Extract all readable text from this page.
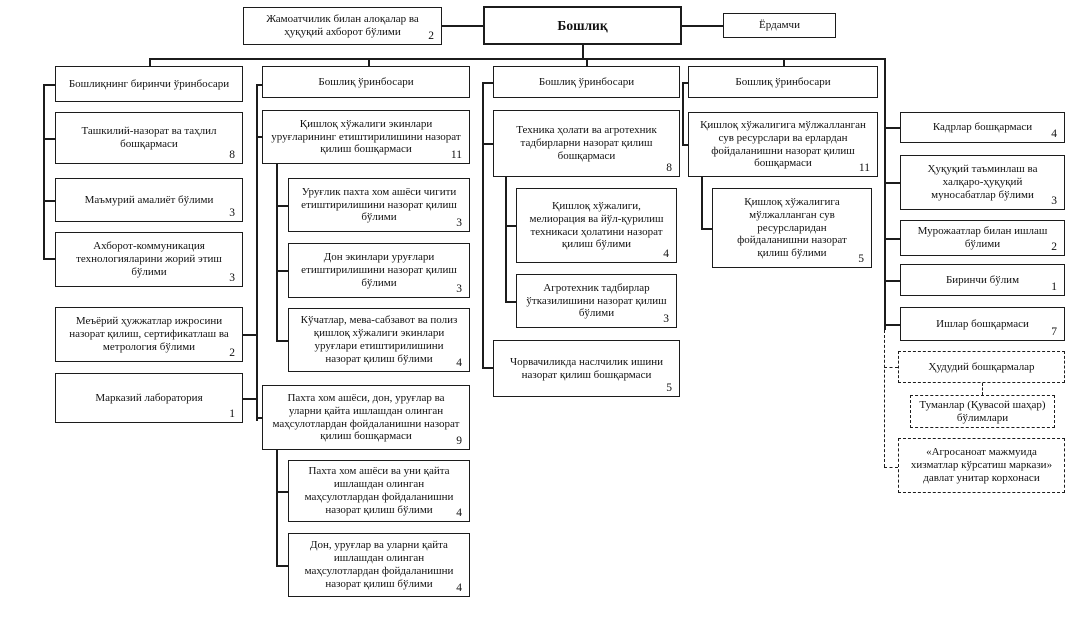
Жамоатчилик билан алоқалар ва ҳуқуқий ахборот бўлими	2
Бошлиқ	Ёрдамчи
Бошлиқнинг биринчи ўринбосари
Ташкилий-назорат ва таҳлил бошқармаси
8
Маъмурий амалиёт бўлими
3
Ахборот-коммуникация технологияларини жорий этиш бўлими
3
Меъёрий ҳужжатлар ижросини назорат қилиш, сертификатлаш ва метрология бўлими
2
Марказий лаборатория
1
Бошлиқ ўринбосари
Қишлоқ хўжалиги экинлари уруғларининг етиштирилишини назорат қилиш бошқармаси	11
Уруғлик пахта хом ашёси чигити етиштирилишини назорат қилиш бўлими	3
Дон экинлари уруғлари етиштирилишини назорат қилиш бўлими
3
Кўчатлар, мева-сабзавот ва полиз қишлоқ хўжалиги экинлари уруғлари етиштирилишини назорат қилиш бўлими	4
Пахта хом ашёси, дон, уруғлар ва уларни қайта ишлашдан олинган маҳсулотлардан фойдаланишни назорат қилиш бошқармаси	9
Пахта хом ашёси ва уни қайта ишлашдан олинган маҳсулотлардан фойдаланишни назорат қилиш бўлими	4
Дон, уруғлар ва уларни қайта ишлашдан олинган маҳсулотлардан фойдаланишни назорат қилиш бўлими	4
Бошлиқ ўринбосари
Техника ҳолати ва агротехник тадбирларни назорат қилиш бошқармаси
8
Қишлоқ хўжалиги, мелиорация ва йўл-қурилиш техникаси ҳолатини назорат қилиш бўлими
4
Агротехник тадбирлар ўтказилишини назорат қилиш бўлими	3
Чорвачиликда наслчилик ишини назорат қилиш бошқармаси
5
Бошлиқ ўринбосари
Қишлоқ хўжалигига мўлжалланган сув ресурслари ва ерлардан фойдаланишни назорат қилиш бошқармаси	11
Қишлоқ хўжалигига мўлжалланган сув ресурсларидан фойдаланишни назорат қилиш бўлими	5
Кадрлар бошқармаси
4
Ҳуқуқий таъминлаш ва халқаро-ҳуқуқий муносабатлар бўлими
3
Мурожаатлар билан ишлаш бўлими	2
Биринчи бўлим
1
Ишлар бошқармаси
7
Ҳудудий бошқармалар
Туманлар (Қувасой шаҳар) бўлимлари
«Агросаноат мажмуида хизматлар кўрсатиш маркази» давлат унитар корхонаси
